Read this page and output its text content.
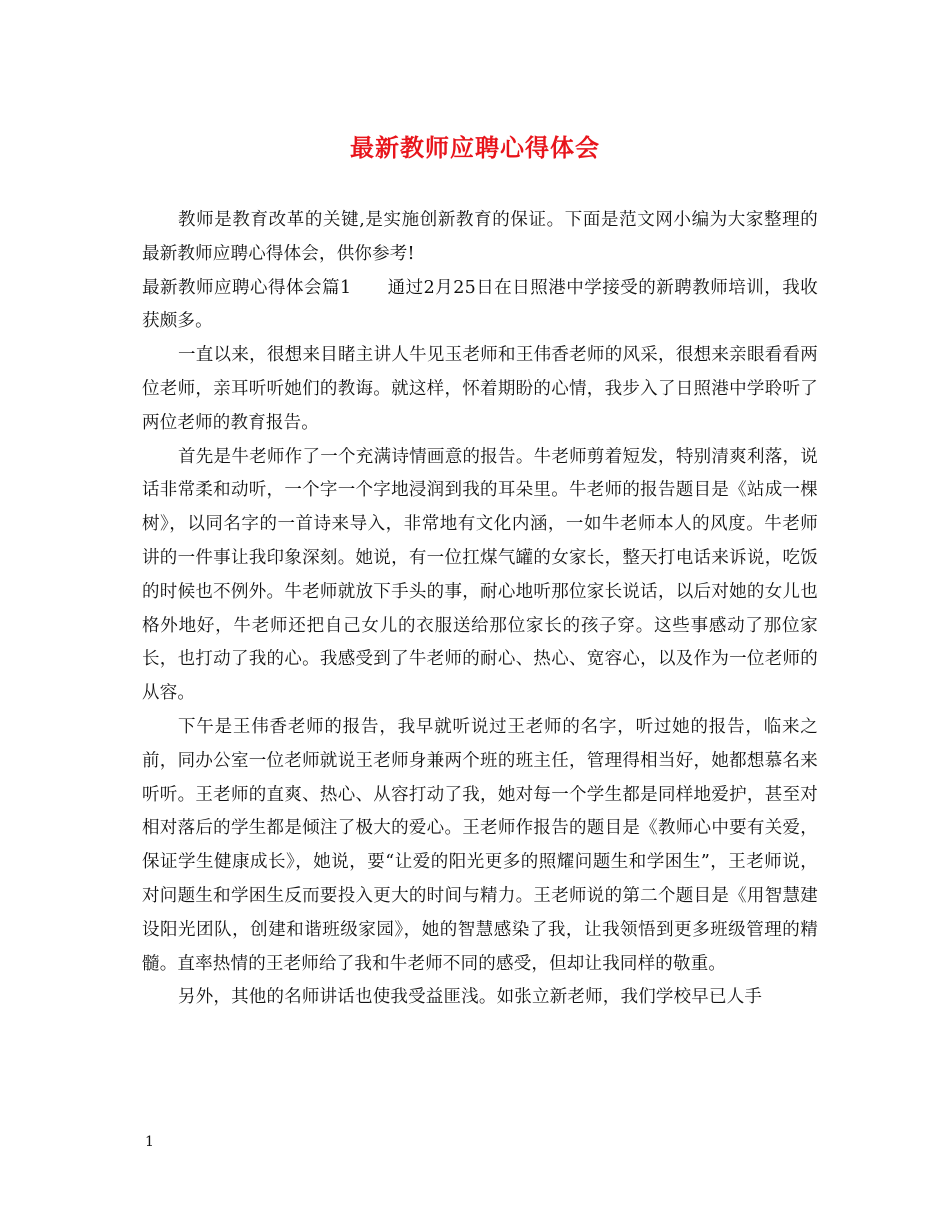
最新教师应聘心得体会

教师是教育改革的关键,是实施创新教育的保证。下面是范文网小编为大家整理的最新教师应聘心得体会，供你参考!

最新教师应聘心得体会篇1　　通过2月25日在日照港中学接受的新聘教师培训，我收获颇多。

一直以来，很想来目睹主讲人牛见玉老师和王伟香老师的风采，很想来亲眼看看两位老师，亲耳听听她们的教诲。就这样，怀着期盼的心情，我步入了日照港中学聆听了两位老师的教育报告。

首先是牛老师作了一个充满诗情画意的报告。牛老师剪着短发，特别清爽利落，说话非常柔和动听，一个字一个字地浸润到我的耳朵里。牛老师的报告题目是《站成一棵树》，以同名字的一首诗来导入，非常地有文化内涵，一如牛老师本人的风度。牛老师讲的一件事让我印象深刻。她说，有一位扛煤气罐的女家长，整天打电话来诉说，吃饭的时候也不例外。牛老师就放下手头的事，耐心地听那位家长说话，以后对她的女儿也格外地好，牛老师还把自己女儿的衣服送给那位家长的孩子穿。这些事感动了那位家长，也打动了我的心。我感受到了牛老师的耐心、热心、宽容心，以及作为一位老师的从容。

下午是王伟香老师的报告，我早就听说过王老师的名字，听过她的报告，临来之前，同办公室一位老师就说王老师身兼两个班的班主任，管理得相当好，她都想慕名来听听。王老师的直爽、热心、从容打动了我，她对每一个学生都是同样地爱护，甚至对相对落后的学生都是倾注了极大的爱心。王老师作报告的题目是《教师心中要有关爱，保证学生健康成长》，她说，要“让爱的阳光更多的照耀问题生和学困生”，王老师说，对问题生和学困生反而要投入更大的时间与精力。王老师说的第二个题目是《用智慧建设阳光团队，创建和谐班级家园》，她的智慧感染了我，让我领悟到更多班级管理的精髓。直率热情的王老师给了我和牛老师不同的感受，但却让我同样的敬重。

另外，其他的名师讲话也使我受益匪浅。如张立新老师，我们学校早已人手

1
